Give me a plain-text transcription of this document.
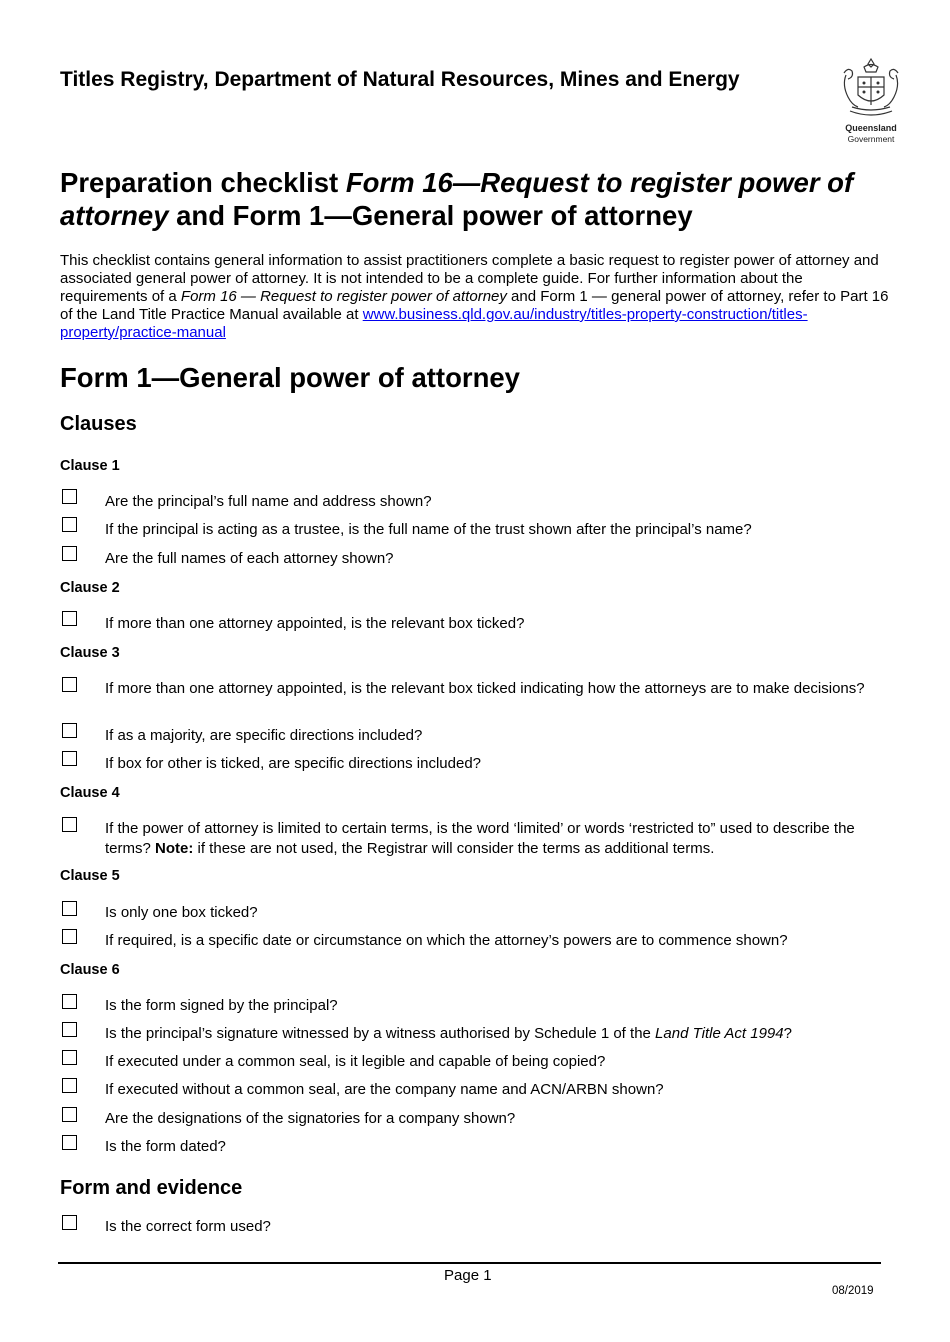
Titles Registry, Department of Natural Resources, Mines and Energy
Queensland
Government
Preparation checklist Form 16—Request to register power of attorney and Form 1—General power of attorney
This checklist contains general information to assist practitioners complete a basic request to register power of attorney and associated general power of attorney. It is not intended to be a complete guide. For further information about the requirements of a Form 16 — Request to register power of attorney and Form 1 — general power of attorney, refer to Part 16 of the Land Title Practice Manual available at www.business.qld.gov.au/industry/titles-property-construction/titles-property/practice-manual
Form 1—General power of attorney
Clauses
Clause 1
Are the principal’s full name and address shown?
If the principal is acting as a trustee, is the full name of the trust shown after the principal’s name?
Are the full names of each attorney shown?
Clause 2
If more than one attorney appointed, is the relevant box ticked?
Clause 3
If more than one attorney appointed, is the relevant box ticked indicating how the attorneys are to make decisions?
If as a majority, are specific directions included?
If box for other is ticked, are specific directions included?
Clause 4
If the power of attorney is limited to certain terms, is the word ‘limited’ or words ‘restricted to” used to describe the terms? Note: if these are not used, the Registrar will consider the terms as additional terms.
Clause 5
Is only one box ticked?
If required, is a specific date or circumstance on which the attorney’s powers are to commence shown?
Clause 6
Is the form signed by the principal?
Is the principal’s signature witnessed by a witness authorised by Schedule 1 of the Land Title Act 1994?
If executed under a common seal, is it legible and capable of being copied?
If executed without a common seal, are the company name and ACN/ARBN shown?
Are the designations of the signatories for a company shown?
Is the form dated?
Form and evidence
Is the correct form used?
Page 1
08/2019
